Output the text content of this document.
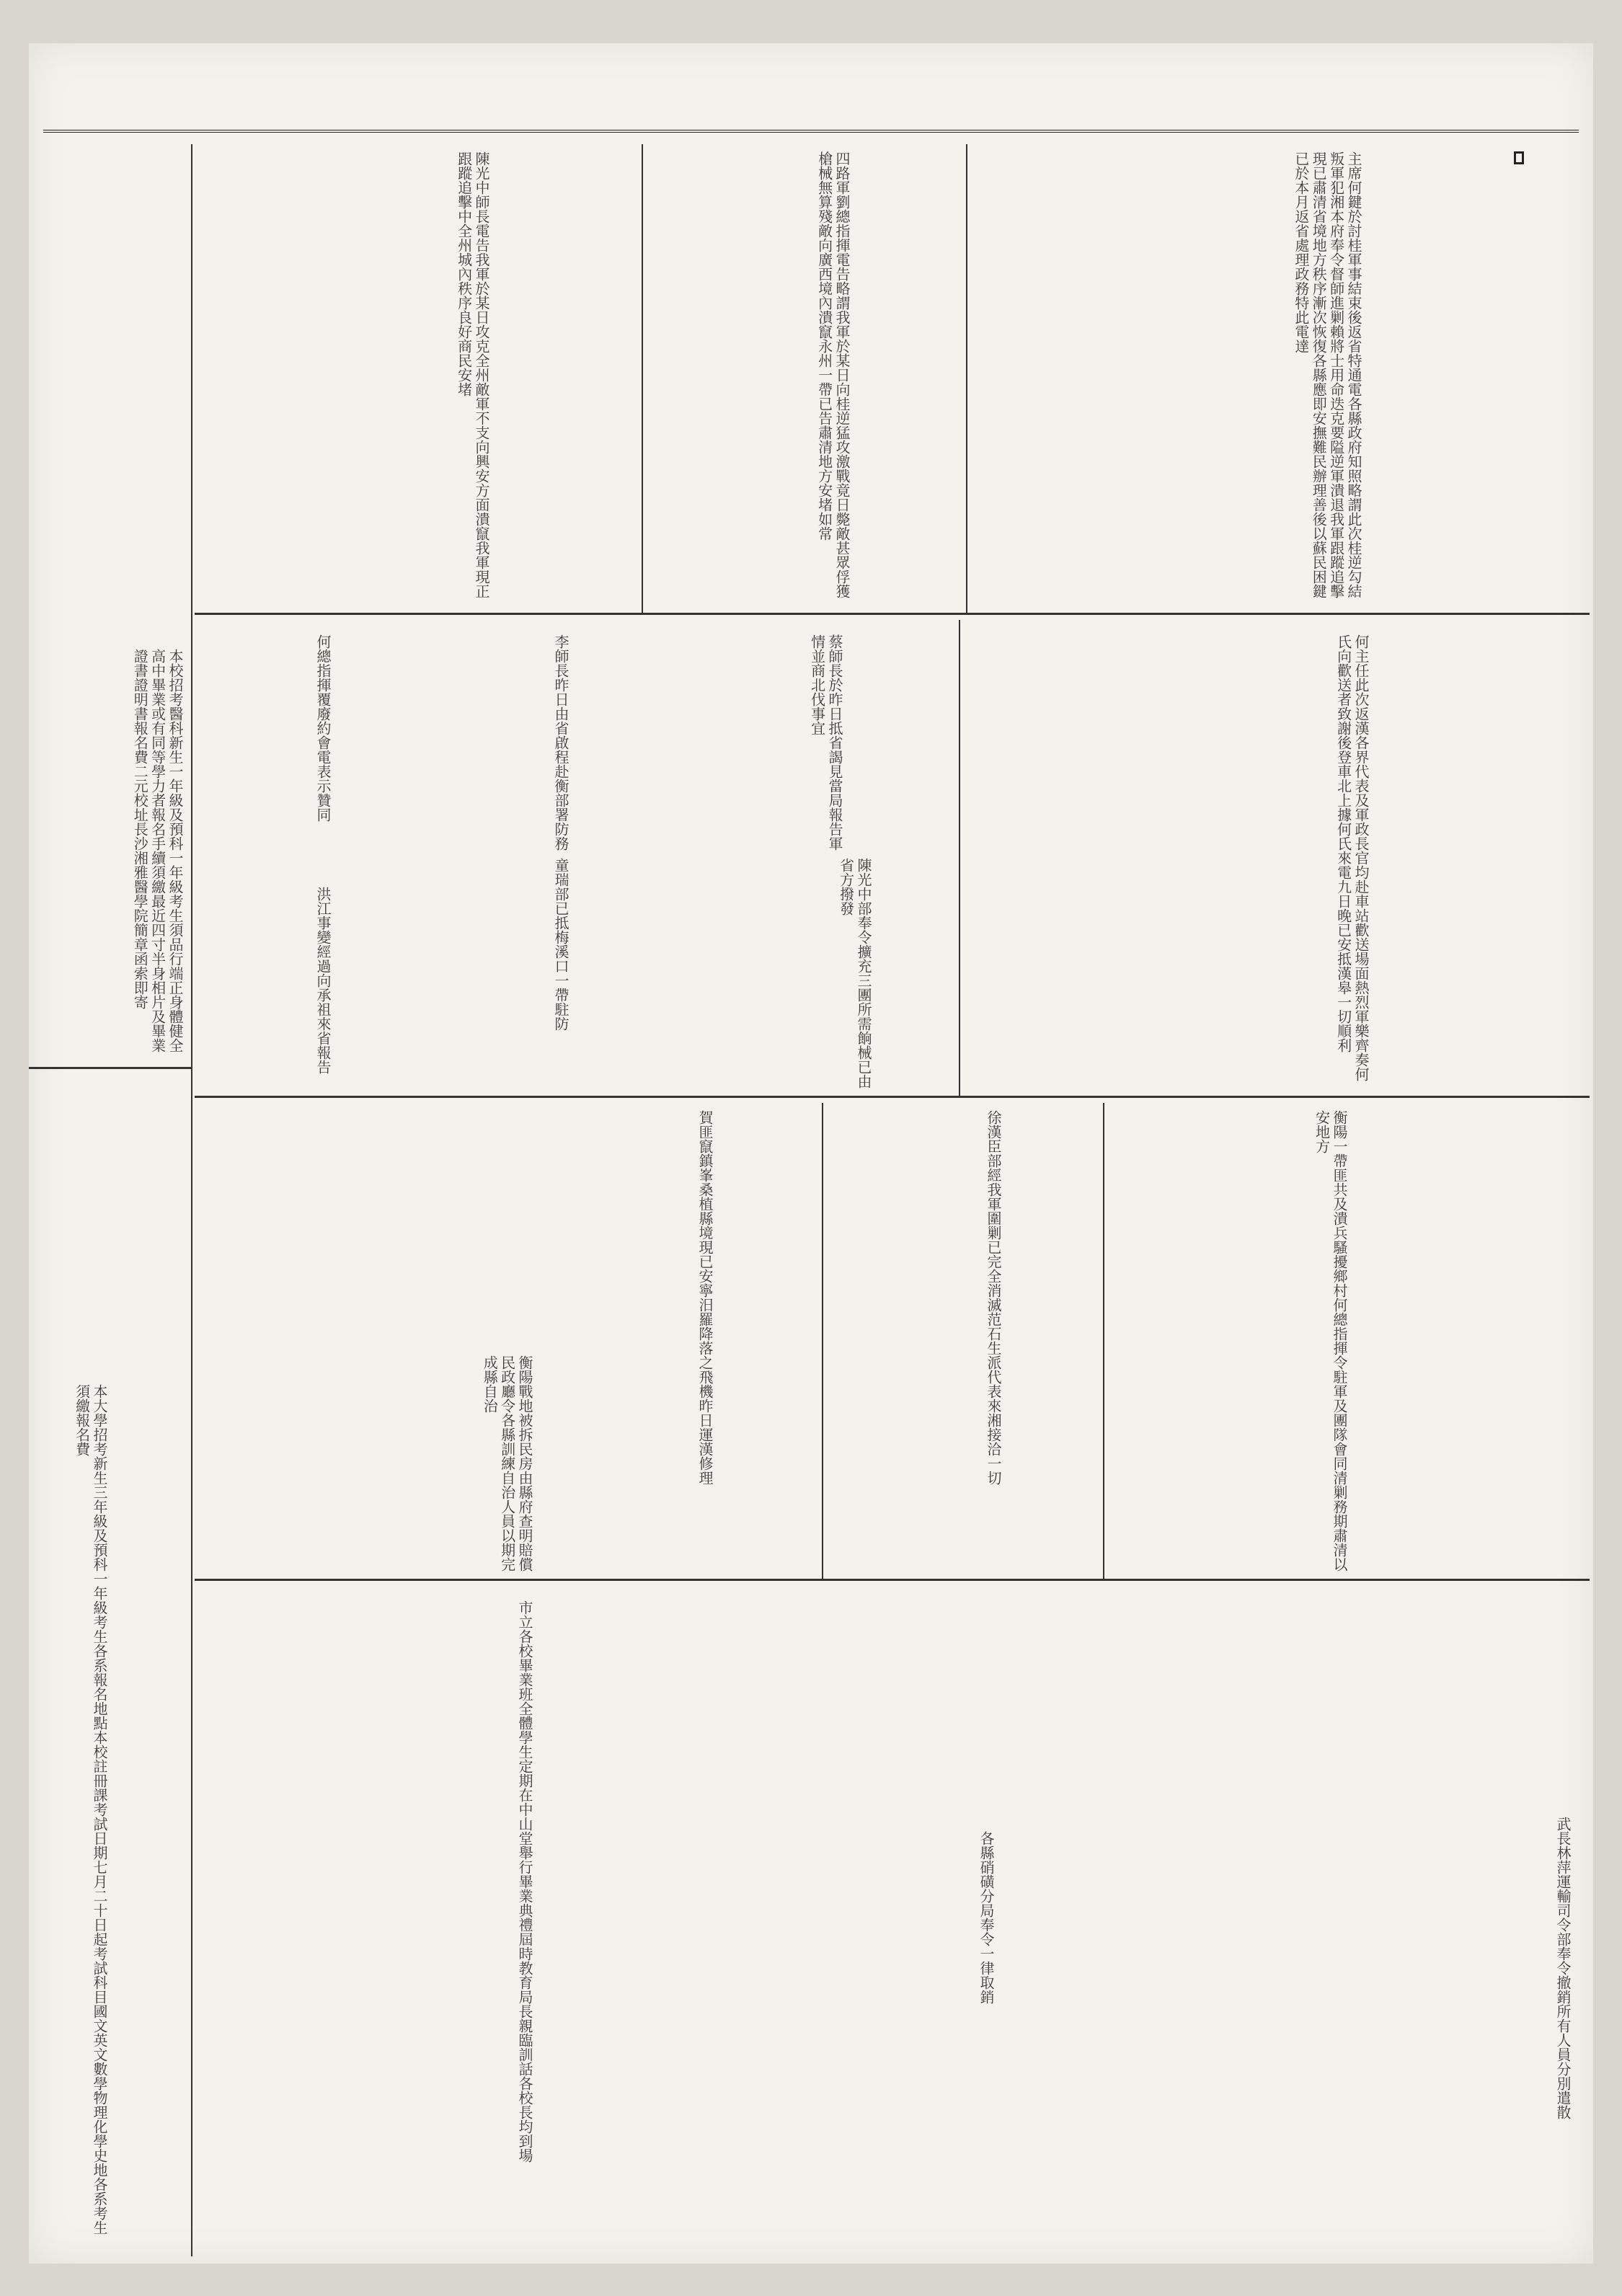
本校招考醫科新生一年級及預科一年級考生須品行端正身體健全高中畢業或有同等學力者報名手續須繳最近四寸半身相片及畢業證書證明書報名費二元校址長沙湘雅醫學院簡章函索即寄
本大學招考新生三年級及預科一年級考生各系報名地點本校註冊課考試日期七月二十日起考試科目國文英文數學物理化學史地各系考生須繳報名費
主席何鍵於討桂軍事結束後返省特通電各縣政府知照略謂此次桂逆勾結叛軍犯湘本府奉令督師進剿賴將士用命迭克要隘逆軍潰退我軍跟蹤追擊現已肅清省境地方秩序漸次恢復各縣應即安撫難民辦理善後以蘇民困鍵已於本月返省處理政務特此電達
四路軍劉總指揮電告略謂我軍於某日向桂逆猛攻激戰竟日斃敵甚眾俘獲槍械無算殘敵向廣西境內潰竄永州一帶已告肅清地方安堵如常
陳光中師長電告我軍於某日攻克全州敵軍不支向興安方面潰竄我軍現正跟蹤追擊中全州城內秩序良好商民安堵
何主任此次返漢各界代表及軍政長官均赴車站歡送場面熱烈軍樂齊奏何氏向歡送者致謝後登車北上據何氏來電九日晚已安抵漢皋一切順利
蔡師長於昨日抵省謁見當局報告軍情並商北伐事宜
陳光中部奉令擴充三團所需餉械已由省方撥發
李師長昨日由省啟程赴衡部署防務
童瑞部已抵梅溪口一帶駐防
何總指揮覆廢約會電表示贊同
洪江事變經過向承祖來省報告
衡陽一帶匪共及潰兵騷擾鄉村何總指揮令駐軍及團隊會同清剿務期肅清以安地方
徐漢臣部經我軍圍剿已完全消滅范石生派代表來湘接洽一切
賀匪竄鎮峯桑植縣境現已安寧汨羅降落之飛機昨日運漢修理
衡陽戰地被拆民房由縣府查明賠償民政廳令各縣訓練自治人員以期完成縣自治
武長林萍運輸司令部奉令撤銷所有人員分別遣散
各縣硝磺分局奉令一律取銷
市立各校畢業班全體學生定期在中山堂舉行畢業典禮屆時教育局長親臨訓話各校長均到場
